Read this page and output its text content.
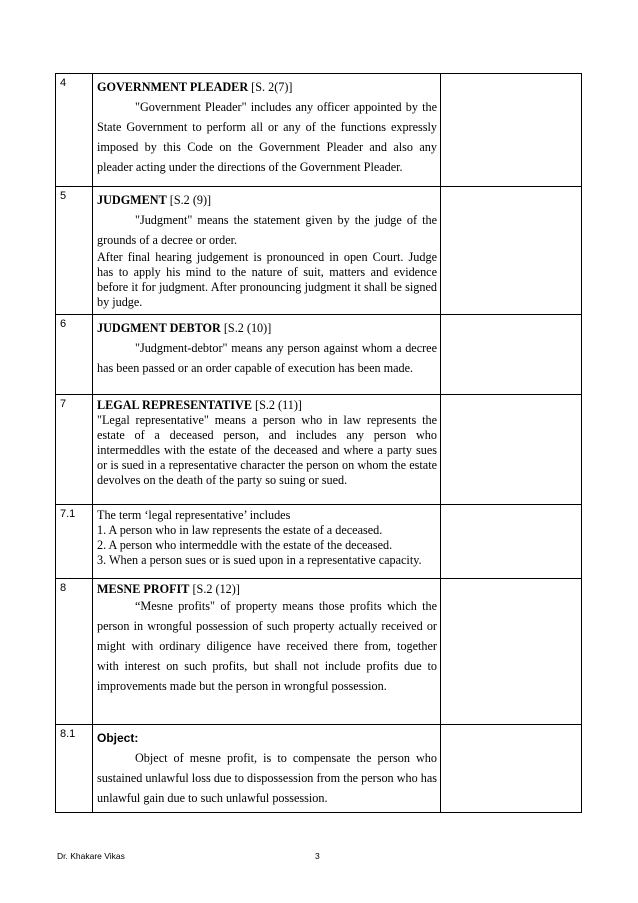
4	GOVERNMENT PLEADER [S. 2(7)]

"Government Pleader" includes any officer appointed by the State Government to perform all or any of the functions expressly imposed by this Code on the Government Pleader and also any pleader acting under the directions of the Government Pleader.	

5	JUDGMENT [S.2 (9)]

"Judgment" means the statement given by the judge of the grounds of a decree or order.

After final hearing judgement is pronounced in open Court. Judge has to apply his mind to the nature of suit, matters and evidence before it for judgment. After pronouncing judgment it shall be signed by judge.	

6	JUDGMENT DEBTOR [S.2 (10)]

"Judgment-debtor" means any person against whom a decree has been passed or an order capable of execution has been made.	

7	LEGAL REPRESENTATIVE [S.2 (11)]

"Legal representative" means a person who in law represents the estate of a deceased person, and includes any person who intermeddles with the estate of the deceased and where a party sues or is sued in a representative character the person on whom the estate devolves on the death of the party so suing or sued.	

7.1	The term ‘legal representative’ includes

1. A person who in law represents the estate of a deceased.

2. A person who intermeddle with the estate of the deceased.

3. When a person sues or is sued upon in a representative capacity.	

8	MESNE PROFIT [S.2 (12)]

“Mesne profits" of property means those profits which the person in wrongful possession of such property actually received or might with ordinary diligence have received there from, together with interest on such profits, but shall not include profits due to improvements made but the person in wrongful possession.	

8.1	Object:

Object of mesne profit, is to compensate the person who sustained unlawful loss due to dispossession from the person who has unlawful gain due to such unlawful possession.	

Dr. Khakare Vikas	3
